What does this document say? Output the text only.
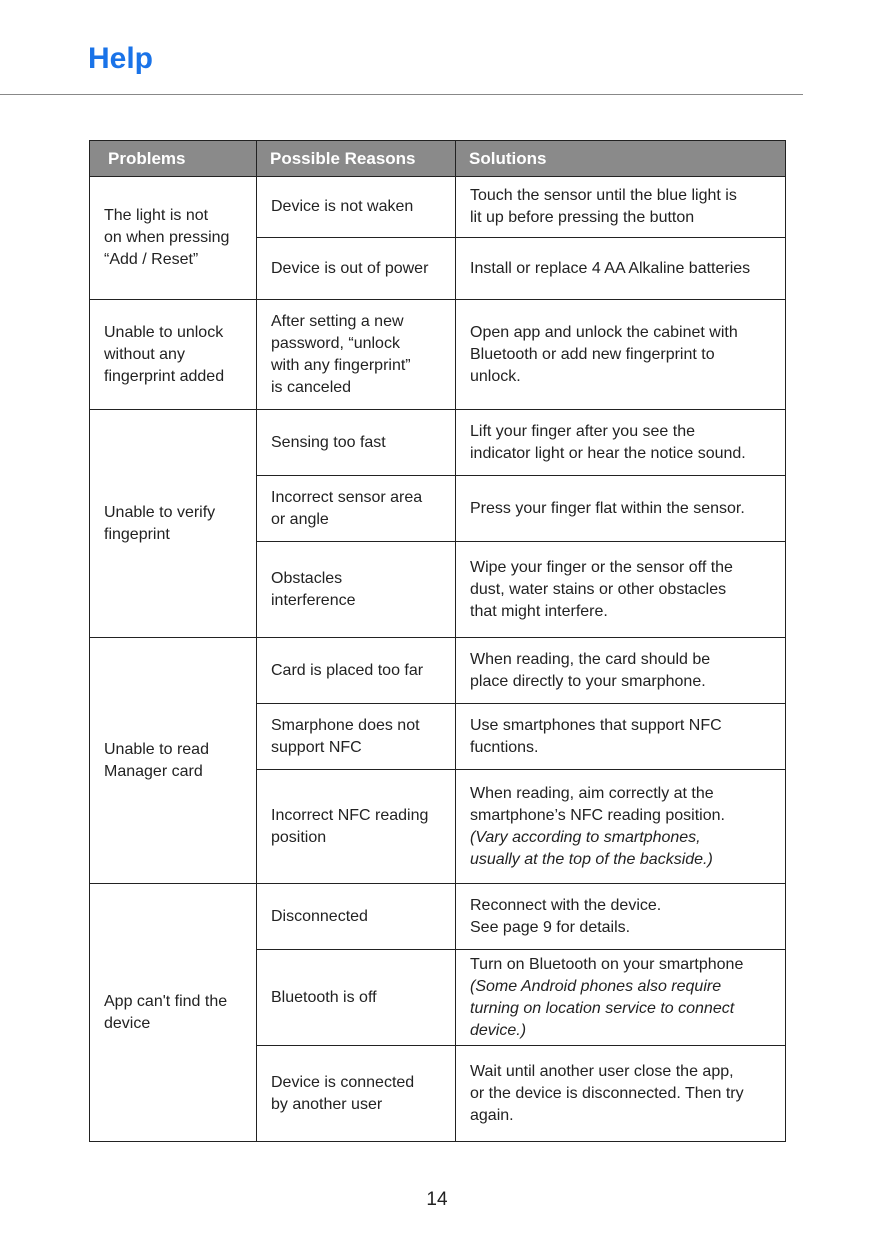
Help
Problems	Possible Reasons	Solutions

The light is not
on when pressing
“Add / Reset”	Device is not waken	Touch the sensor until the blue light is
lit up before pressing the button

	Device is out of power	Install or replace 4 AA Alkaline batteries

Unable to unlock
without any
fingerprint added	After setting a new
password, “unlock
with any fingerprint”
is canceled	Open app and unlock the cabinet with
Bluetooth or add new fingerprint to
unlock.

Unable to verify
fingeprint	Sensing too fast	Lift your finger after you see the
indicator light or hear the notice sound.

	Incorrect sensor area
or angle	Press your finger flat within the sensor.

	Obstacles
interference	Wipe your finger or the sensor off the
dust, water stains or other obstacles
that might interfere.

Unable to read
Manager card	Card is placed too far	When reading, the card should be
place directly to your smarphone.

	Smarphone does not
support NFC	Use smartphones that support NFC
fucntions.

	Incorrect NFC reading
position	When reading, aim correctly at the
smartphone’s NFC reading position.
(Vary according to smartphones,
usually at the top of the backside.)

App can't find the
device	Disconnected	Reconnect with the device.
See page 9 for details.

	Bluetooth is off	Turn on Bluetooth on your smartphone
(Some Android phones also require
turning on location service to connect
device.)

	Device is connected
by another user	Wait until another user close the app,
or the device is disconnected. Then try
again.
14
